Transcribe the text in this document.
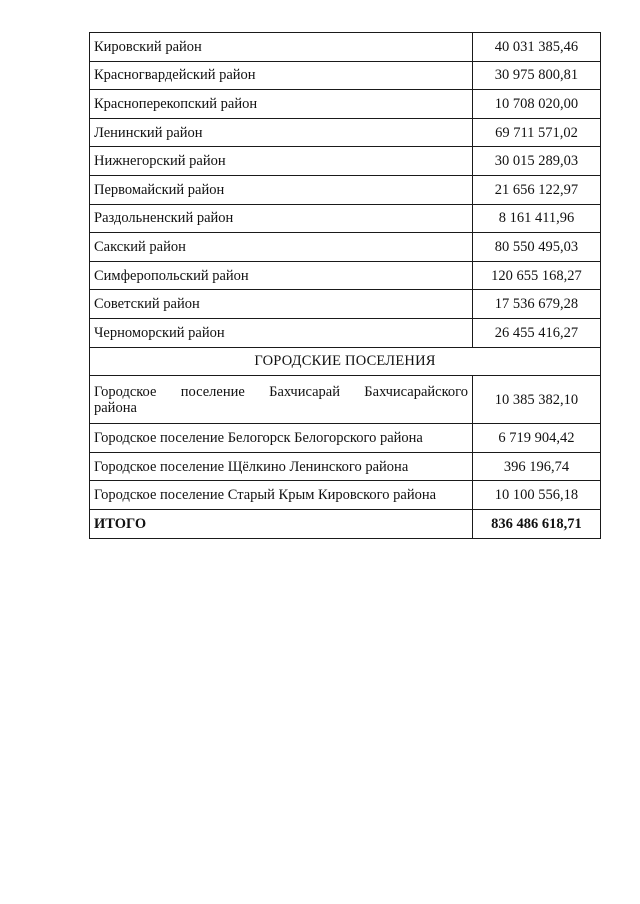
Кировский район	40 031 385,46
Красногвардейский район	30 975 800,81
Красноперекопский район	10 708 020,00
Ленинский район	69 711 571,02
Нижнегорский район	30 015 289,03
Первомайский район	21 656 122,97
Раздольненский район	8 161 411,96
Сакский район	80 550 495,03
Симферопольский район	120 655 168,27
Советский район	17 536 679,28
Черноморский район	26 455 416,27
ГОРОДСКИЕ ПОСЕЛЕНИЯ	

Городское поселение Бахчисарай Бахчисарайского
района	10 385 382,10
Городское поселение Белогорск Белогорского района	6 719 904,42
Городское поселение Щёлкино Ленинского района	396 196,74
Городское поселение Старый Крым Кировского района	10 100 556,18
ИТОГО	836 486 618,71
